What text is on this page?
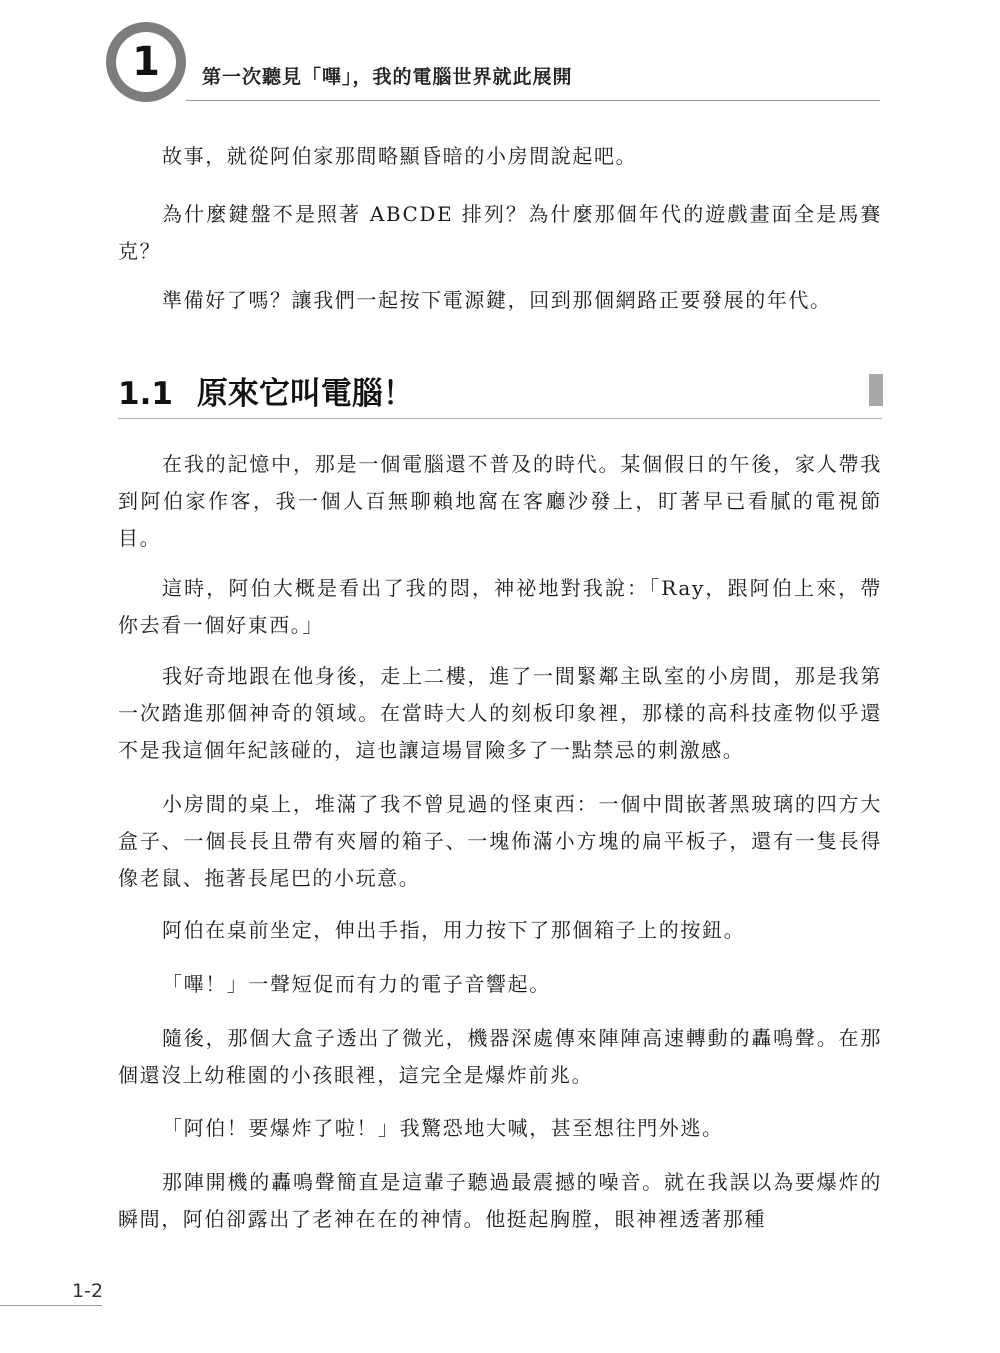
1	第一次聽見「嗶」，我的電腦世界就此展開

故事，就從阿伯家那間略顯昏暗的小房間說起吧。

為什麼鍵盤不是照著 ABCDE 排列？為什麼那個年代的遊戲畫面全是馬賽克？

準備好了嗎？讓我們一起按下電源鍵，回到那個網路正要發展的年代。

1.1 原來它叫電腦！

在我的記憶中，那是一個電腦還不普及的時代。某個假日的午後，家人帶我到阿伯家作客，我一個人百無聊賴地窩在客廳沙發上，盯著早已看膩的電視節目。

這時，阿伯大概是看出了我的悶，神祕地對我說：「Ray，跟阿伯上來，帶你去看一個好東西。」

我好奇地跟在他身後，走上二樓，進了一間緊鄰主臥室的小房間，那是我第一次踏進那個神奇的領域。在當時大人的刻板印象裡，那樣的高科技產物似乎還不是我這個年紀該碰的，這也讓這場冒險多了一點禁忌的刺激感。

小房間的桌上，堆滿了我不曾見過的怪東西：一個中間嵌著黑玻璃的四方大盒子、一個長長且帶有夾層的箱子、一塊佈滿小方塊的扁平板子，還有一隻長得像老鼠、拖著長尾巴的小玩意。

阿伯在桌前坐定，伸出手指，用力按下了那個箱子上的按鈕。

「嗶！」一聲短促而有力的電子音響起。

隨後，那個大盒子透出了微光，機器深處傳來陣陣高速轉動的轟鳴聲。在那個還沒上幼稚園的小孩眼裡，這完全是爆炸前兆。

「阿伯！要爆炸了啦！」我驚恐地大喊，甚至想往門外逃。

那陣開機的轟鳴聲簡直是這輩子聽過最震撼的噪音。就在我誤以為要爆炸的瞬間，阿伯卻露出了老神在在的神情。他挺起胸膛，眼神裡透著那種

1-2
